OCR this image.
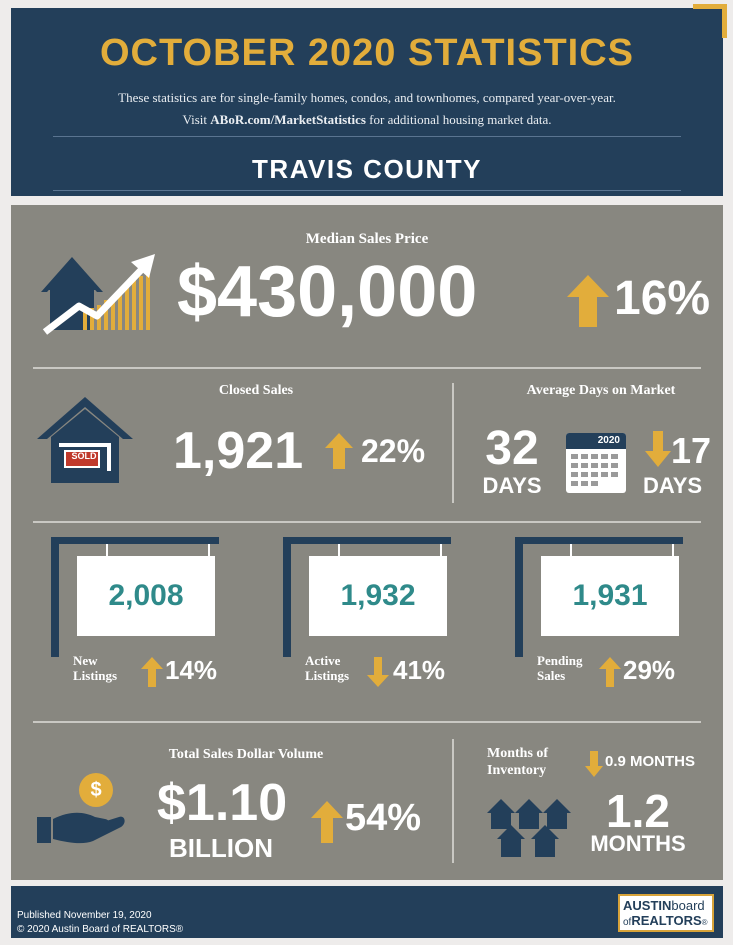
OCTOBER 2020 STATISTICS
These statistics are for single-family homes, condos, and townhomes, compared year-over-year.
Visit ABoR.com/MarketStatistics for additional housing market data.
TRAVIS COUNTY
Median Sales Price
$430,000	16%
SOLD
Closed Sales
1,921 22%
Average Days on Market
32
DAYS
2020 17
DAYS
2,008
New
Listings 14%
1,932
Active
Listings 41%
1,931
Pending
Sales	29%
Total Sales Dollar Volume
$ $1.10
BILLION
54%
Months of
Inventory
0.9 MONTHS
1.2
MONTHS
Published November 19, 2020
© 2020 Austin Board of REALTORS®
AUSTINboard
ofREALTORS®
